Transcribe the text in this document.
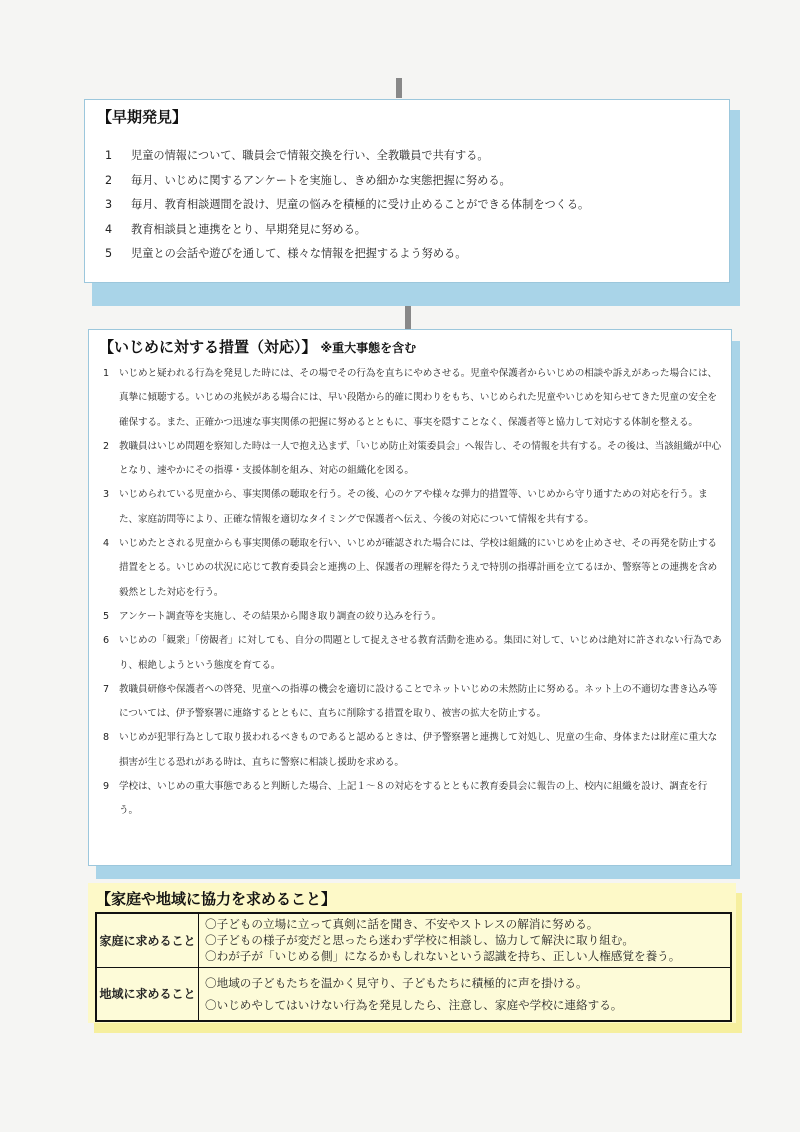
【早期発見】
1 児童の情報について、職員会で情報交換を行い、全教職員で共有する。
2 毎月、いじめに関するアンケートを実施し、きめ細かな実態把握に努める。
3 毎月、教育相談週間を設け、児童の悩みを積極的に受け止めることができる体制をつくる。
4 教育相談員と連携をとり、早期発見に努める。
5 児童との会話や遊びを通して、様々な情報を把握するよう努める。
【いじめに対する措置（対応）】 ※重大事態を含む
1 いじめと疑われる行為を発見した時には、その場でその行為を直ちにやめさせる。児童や保護者からいじめの相談や訴えがあった場合には、真摯に傾聴する。いじめの兆候がある場合には、早い段階から的確に関わりをもち、いじめられた児童やいじめを知らせてきた児童の安全を確保する。また、正確かつ迅速な事実関係の把握に努めるとともに、事実を隠すことなく、保護者等と協力して対応する体制を整える。
2 教職員はいじめ問題を察知した時は一人で抱え込まず、「いじめ防止対策委員会」へ報告し、その情報を共有する。その後は、当該組織が中心となり、速やかにその指導・支援体制を組み、対応の組織化を図る。
3 いじめられている児童から、事実関係の聴取を行う。その後、心のケアや様々な弾力的措置等、いじめから守り通すための対応を行う。また、家庭訪問等により、正確な情報を適切なタイミングで保護者へ伝え、今後の対応について情報を共有する。
4 いじめたとされる児童からも事実関係の聴取を行い、いじめが確認された場合には、学校は組織的にいじめを止めさせ、その再発を防止する措置をとる。いじめの状況に応じて教育委員会と連携の上、保護者の理解を得たうえで特別の指導計画を立てるほか、警察等との連携を含め毅然とした対応を行う。
5 アンケート調査等を実施し、その結果から聞き取り調査の絞り込みを行う。
6 いじめの「観衆」「傍観者」に対しても、自分の問題として捉えさせる教育活動を進める。集団に対して、いじめは絶対に許されない行為であり、根絶しようという態度を育てる。
7 教職員研修や保護者への啓発、児童への指導の機会を適切に設けることでネットいじめの未然防止に努める。ネット上の不適切な書き込み等については、伊予警察署に連絡するとともに、直ちに削除する措置を取り、被害の拡大を防止する。
8 いじめが犯罪行為として取り扱われるべきものであると認めるときは、伊予警察署と連携して対処し、児童の生命、身体または財産に重大な損害が生じる恐れがある時は、直ちに警察に相談し援助を求める。
9 学校は、いじめの重大事態であると判断した場合、上記１～８の対応をするとともに教育委員会に報告の上、校内に組織を設け、調査を行う。
【家庭や地域に協力を求めること】
家庭に求めること	〇子どもの立場に立って真剣に話を聞き、不安やストレスの解消に努める。
〇子どもの様子が変だと思ったら迷わず学校に相談し、協力して解決に取り組む。
〇わが子が「いじめる側」になるかもしれないという認識を持ち、正しい人権感覚を養う。

地域に求めること	〇地域の子どもたちを温かく見守り、子どもたちに積極的に声を掛ける。
〇いじめやしてはいけない行為を発見したら、注意し、家庭や学校に連絡する。
